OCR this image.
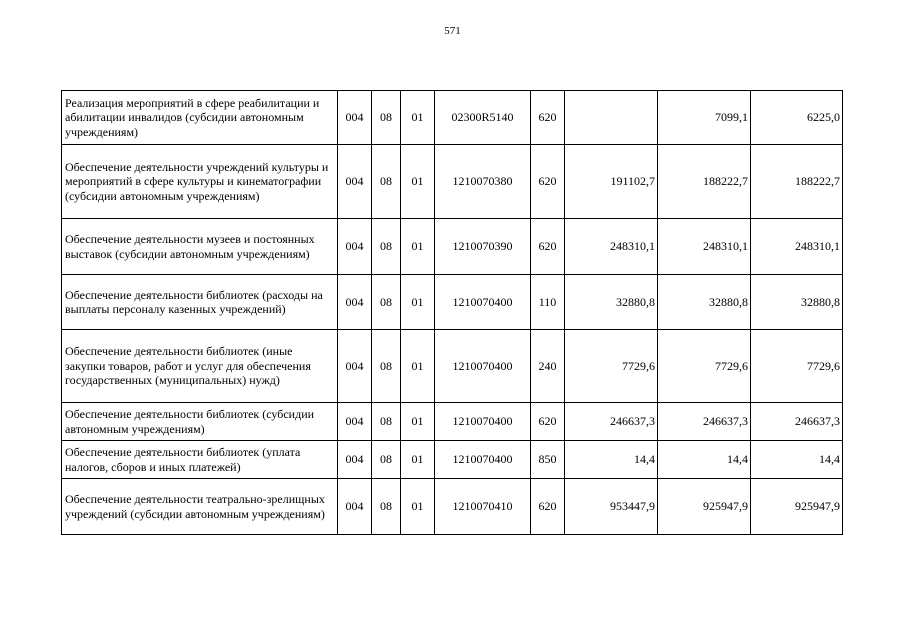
571
Реализация мероприятий в сфере реабилитации и абилитации инвалидов (субсидии автономным учреждениям)	004	08	01	02300R5140	620		7099,1	6225,0
Обеспечение деятельности учреждений культуры и мероприятий в сфере культуры и кинематографии (субсидии автономным учреждениям)	004	08	01	1210070380	620	191102,7	188222,7	188222,7
Обеспечение деятельности музеев и постоянных выставок (субсидии автономным учреждениям)	004	08	01	1210070390	620	248310,1	248310,1	248310,1
Обеспечение деятельности библиотек (расходы на выплаты персоналу казенных учреждений)	004	08	01	1210070400	110	32880,8	32880,8	32880,8
Обеспечение деятельности библиотек (иные закупки товаров, работ и услуг для обеспечения государственных (муниципальных) нужд)	004	08	01	1210070400	240	7729,6	7729,6	7729,6
Обеспечение деятельности библиотек (субсидии автономным учреждениям)	004	08	01	1210070400	620	246637,3	246637,3	246637,3
Обеспечение деятельности библиотек (уплата налогов, сборов и иных платежей)	004	08	01	1210070400	850	14,4	14,4	14,4
Обеспечение деятельности театрально-зрелищных учреждений (субсидии автономным учреждениям)	004	08	01	1210070410	620	953447,9	925947,9	925947,9
